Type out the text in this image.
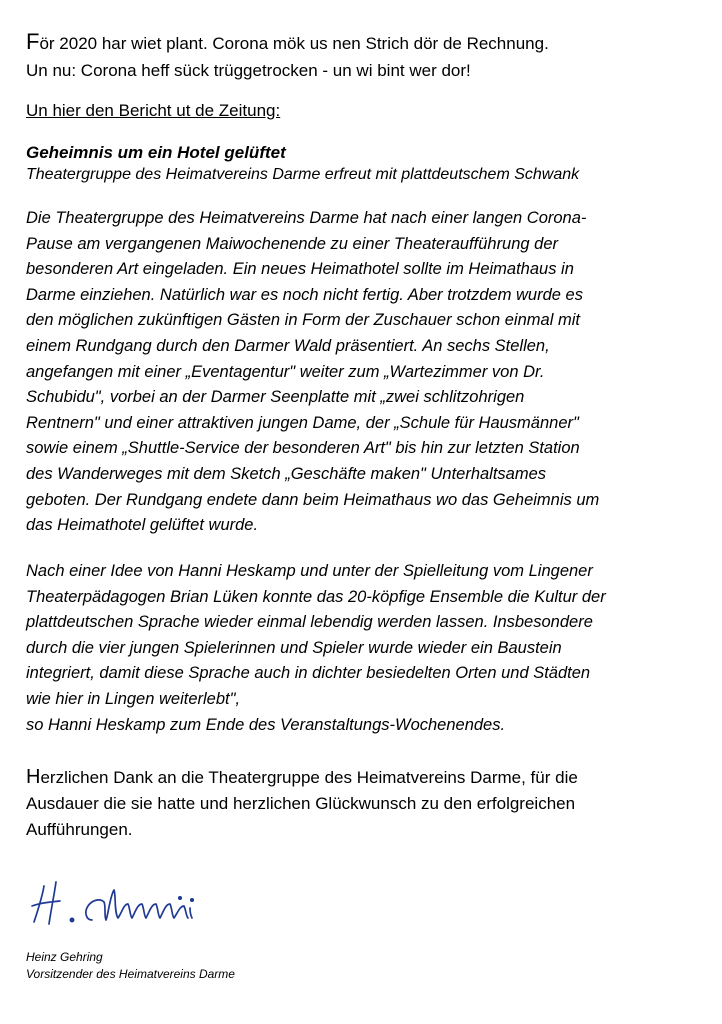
För 2020 har wiet plant. Corona mök us nen Strich dör de Rechnung.
Un nu: Corona heff sück trüggetrocken - un wi bint wer dor!
Un hier den Bericht ut de Zeitung:
Geheimnis um ein Hotel gelüftet
Theatergruppe des Heimatvereins Darme erfreut mit plattdeutschem Schwank

Die Theatergruppe des Heimatvereins Darme hat nach einer langen Corona-

Pause am vergangenen Maiwochenende zu einer Theateraufführung der

besonderen Art eingeladen. Ein neues Heimathotel sollte im Heimathaus in

Darme einziehen. Natürlich war es noch nicht fertig. Aber trotzdem wurde es

den möglichen zukünftigen Gästen in Form der Zuschauer schon einmal mit

einem Rundgang durch den Darmer Wald präsentiert. An sechs Stellen,

angefangen mit einer „Eventagentur" weiter zum „Wartezimmer von Dr.

Schubidu", vorbei an der Darmer Seenplatte mit „zwei schlitzohrigen

Rentnern" und einer attraktiven jungen Dame, der „Schule für Hausmänner"

sowie einem „Shuttle-Service der besonderen Art" bis hin zur letzten Station

des Wanderweges mit dem Sketch „Geschäfte maken" Unterhaltsames

geboten. Der Rundgang endete dann beim Heimathaus wo das Geheimnis um

das Heimathotel gelüftet wurde.

Nach einer Idee von Hanni Heskamp und unter der Spielleitung vom Lingener

Theaterpädagogen Brian Lüken konnte das 20-köpfige Ensemble die Kultur der

plattdeutschen Sprache wieder einmal lebendig werden lassen. Insbesondere

durch die vier jungen Spielerinnen und Spieler wurde wieder ein Baustein

integriert, damit diese Sprache auch in dichter besiedelten Orten und Städten

wie hier in Lingen weiterlebt",

so Hanni Heskamp zum Ende des Veranstaltungs-Wochenendes.

Herzlichen Dank an die Theatergruppe des Heimatvereins Darme, für die

Ausdauer die sie hatte und herzlichen Glückwunsch zu den erfolgreichen

Aufführungen.

Heinz Gehring
Vorsitzender des Heimatvereins Darme
